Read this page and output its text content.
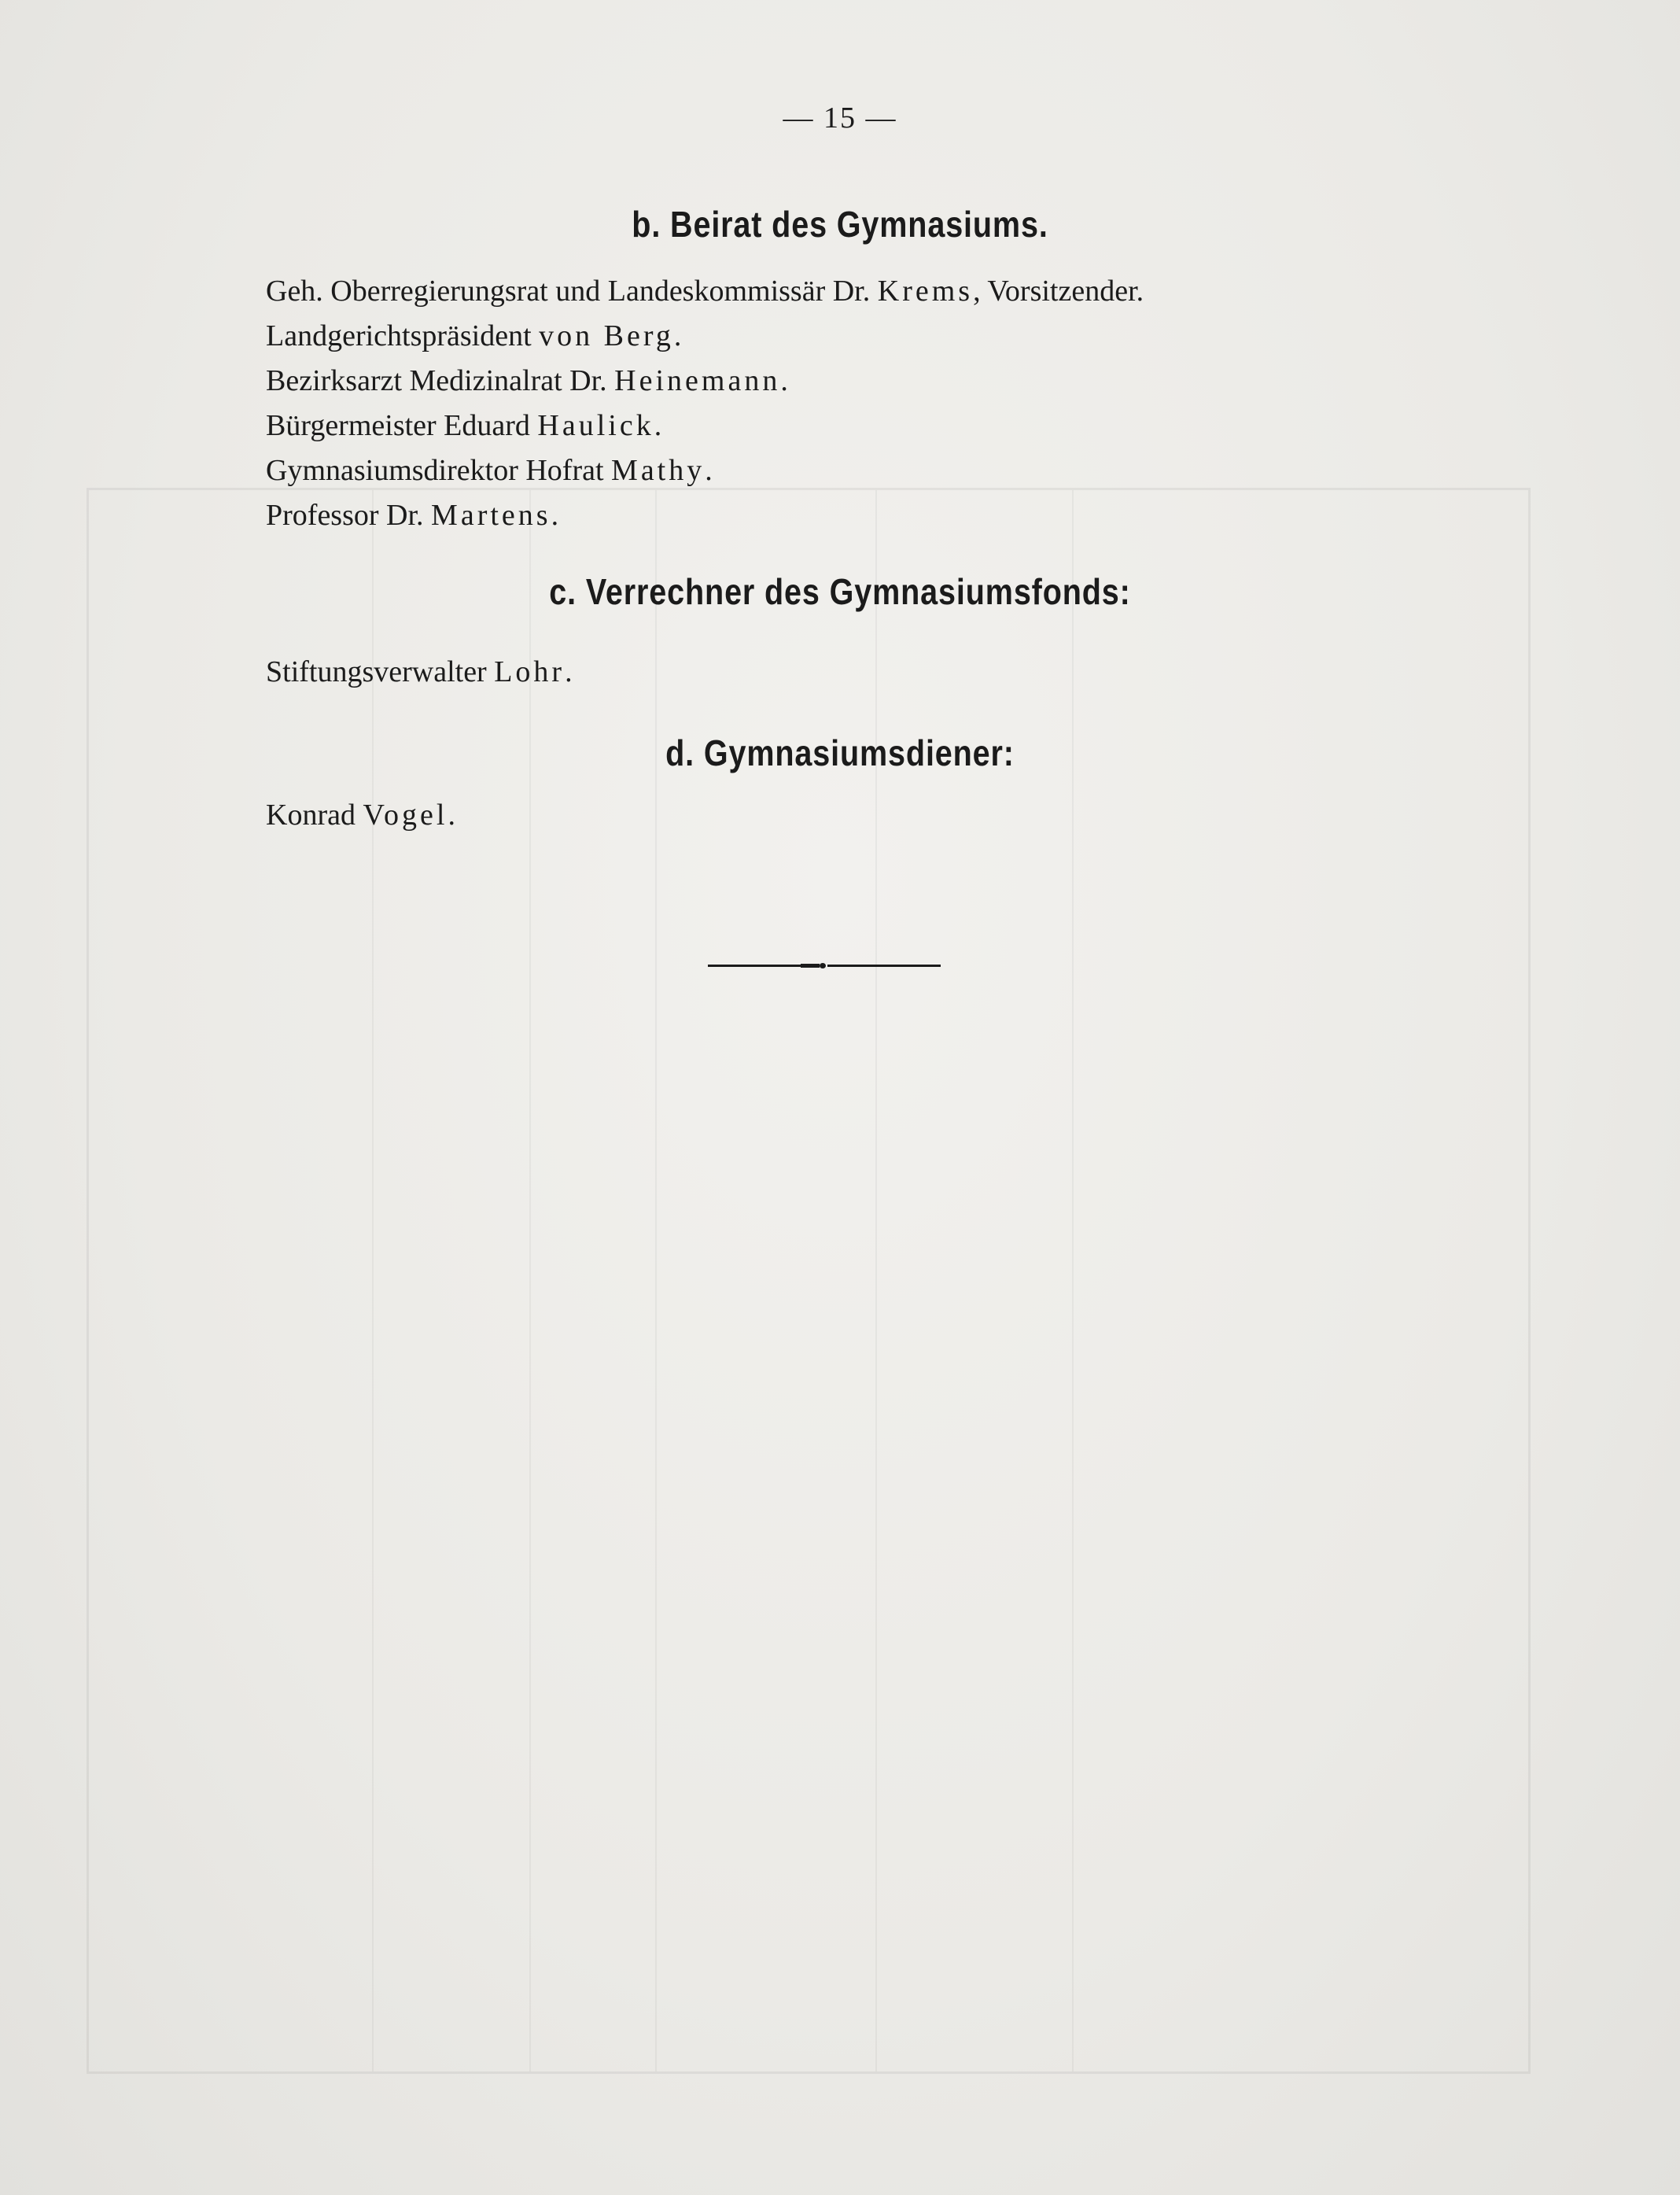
— 15 —
b. Beirat des Gymnasiums.
Geh. Oberregierungsrat und Landeskommissär Dr. Krems, Vorsitzender.
Landgerichtspräsident von Berg.
Bezirksarzt Medizinalrat Dr. Heinemann.
Bürgermeister Eduard Haulick.
Gymnasiumsdirektor Hofrat Mathy.
Professor Dr. Martens.
c. Verrechner des Gymnasiumsfonds:
Stiftungsverwalter Lohr.
d. Gymnasiumsdiener:
Konrad Vogel.
